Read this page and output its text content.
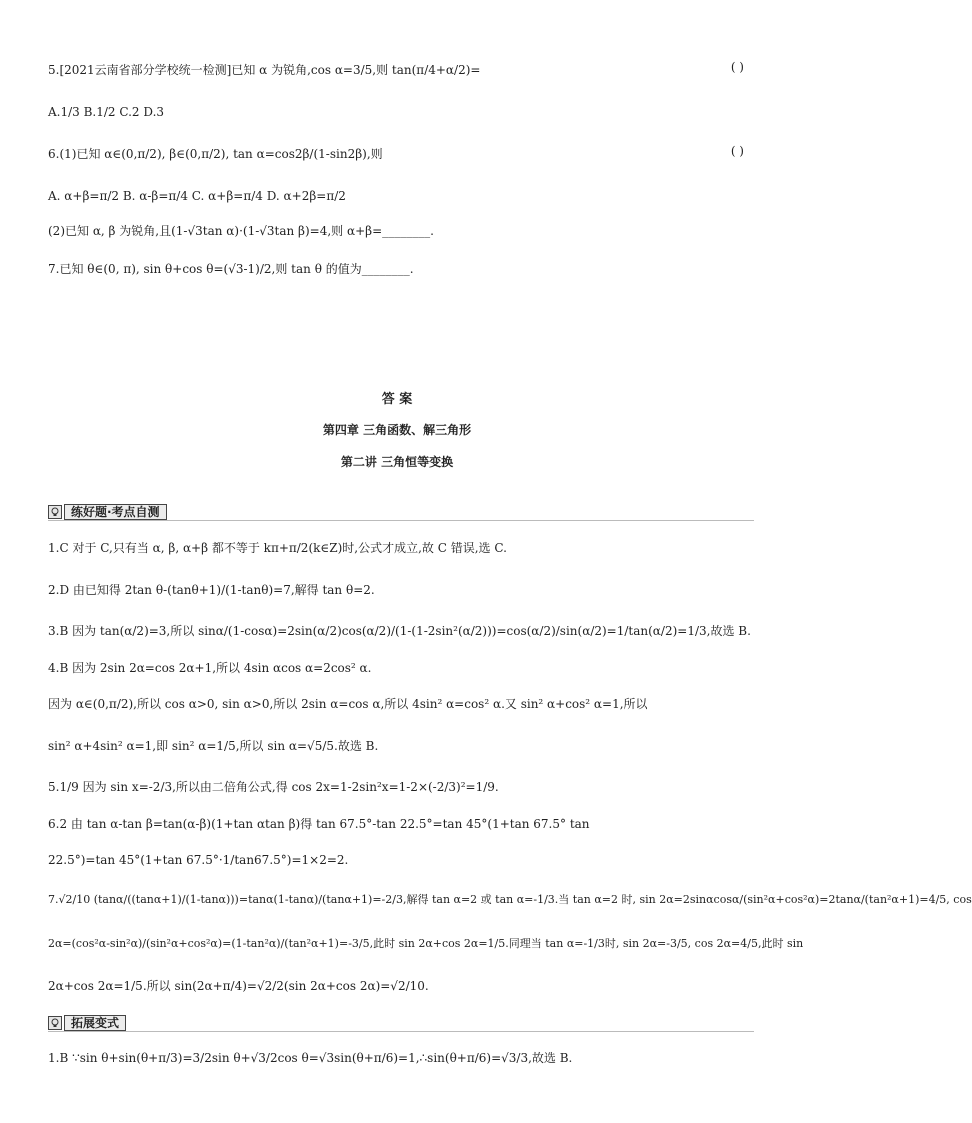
5.[2021云南省部分学校统一检测]已知 α 为锐角,cos α=3/5,则 tan(π/4+α/2)=	( )
A.1/3 B.1/2 C.2 D.3
6.(1)已知 α∈(0,π/2), β∈(0,π/2), tan α=cos2β/(1-sin2β),则	( )
A. α+β=π/2 B. α-β=π/4 C. α+β=π/4 D. α+2β=π/2
(2)已知 α, β 为锐角,且(1-√3tan α)·(1-√3tan β)=4,则 α+β=________.
7.已知 θ∈(0, π), sin θ+cos θ=(√3-1)/2,则 tan θ 的值为________.
答 案
第四章 三角函数、解三角形
第二讲 三角恒等变换
练好题·考点自测
1.C 对于 C,只有当 α, β, α+β 都不等于 kπ+π/2(k∈Z)时,公式才成立,故 C 错误,选 C.
2.D 由已知得 2tan θ-(tanθ+1)/(1-tanθ)=7,解得 tan θ=2.
3.B 因为 tan(α/2)=3,所以 sinα/(1-cosα)=2sin(α/2)cos(α/2)/(1-(1-2sin²(α/2)))=cos(α/2)/sin(α/2)=1/tan(α/2)=1/3,故选 B.
4.B 因为 2sin 2α=cos 2α+1,所以 4sin αcos α=2cos² α.
因为 α∈(0,π/2),所以 cos α>0, sin α>0,所以 2sin α=cos α,所以 4sin² α=cos² α.又 sin² α+cos² α=1,所以
sin² α+4sin² α=1,即 sin² α=1/5,所以 sin α=√5/5.故选 B.
5.1/9 因为 sin x=-2/3,所以由二倍角公式,得 cos 2x=1-2sin²x=1-2×(-2/3)²=1/9.
6.2 由 tan α-tan β=tan(α-β)(1+tan αtan β)得 tan 67.5°-tan 22.5°=tan 45°(1+tan 67.5° tan
22.5°)=tan 45°(1+tan 67.5°·1/tan67.5°)=1×2=2.
7.√2/10 (tanα/((tanα+1)/(1-tanα)))=tanα(1-tanα)/(tanα+1)=-2/3,解得 tan α=2 或 tan α=-1/3.当 tan α=2 时, sin 2α=2sinαcosα/(sin²α+cos²α)=2tanα/(tan²α+1)=4/5, cos
2α=(cos²α-sin²α)/(sin²α+cos²α)=(1-tan²α)/(tan²α+1)=-3/5,此时 sin 2α+cos 2α=1/5.同理当 tan α=-1/3时, sin 2α=-3/5, cos 2α=4/5,此时 sin
2α+cos 2α=1/5.所以 sin(2α+π/4)=√2/2(sin 2α+cos 2α)=√2/10.
拓展变式
1.B ∵sin θ+sin(θ+π/3)=3/2sin θ+√3/2cos θ=√3sin(θ+π/6)=1,∴sin(θ+π/6)=√3/3,故选 B.
